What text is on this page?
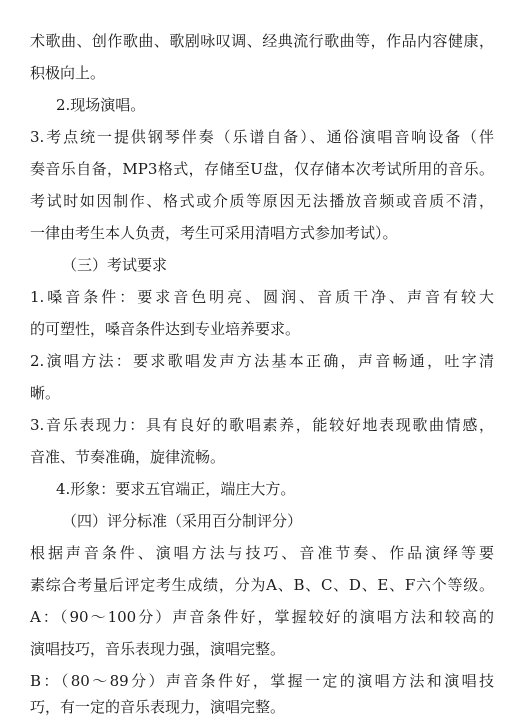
术歌曲、创作歌曲、歌剧咏叹调、经典流行歌曲等，作品内容健康，
积极向上。
2.现场演唱。
3.考点统一提供钢琴伴奏（乐谱自备）、通俗演唱音响设备（伴
奏音乐自备，MP3格式，存储至U盘，仅存储本次考试所用的音乐。
考试时如因制作、格式或介质等原因无法播放音频或音质不清，
一律由考生本人负责，考生可采用清唱方式参加考试）。
（三）考试要求
1.嗓音条件：要求音色明亮、圆润、音质干净、声音有较大
的可塑性，嗓音条件达到专业培养要求。
2.演唱方法：要求歌唱发声方法基本正确，声音畅通，吐字清
晰。
3.音乐表现力：具有良好的歌唱素养，能较好地表现歌曲情感，
音准、节奏准确，旋律流畅。
4.形象：要求五官端正，端庄大方。
（四）评分标准（采用百分制评分）
根据声音条件、演唱方法与技巧、音准节奏、作品演绎等要
素综合考量后评定考生成绩，分为A、B、C、D、E、F六个等级。
A：（90～100分）声音条件好，掌握较好的演唱方法和较高的
演唱技巧，音乐表现力强，演唱完整。
B：（80～89分）声音条件好，掌握一定的演唱方法和演唱技
巧，有一定的音乐表现力，演唱完整。
